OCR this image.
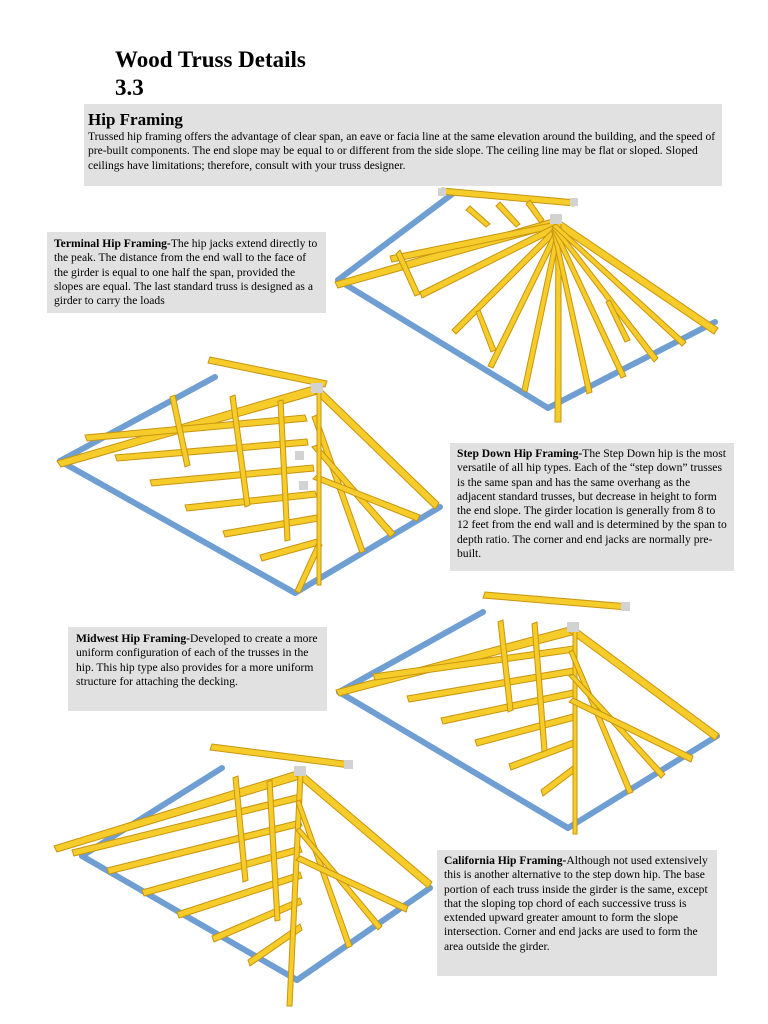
Wood Truss Details
3.3
Hip Framing

Trussed hip framing offers the advantage of clear span, an eave or facia line at the same elevation around the building, and the speed of pre-built components. The end slope may be equal to or different from the side slope. The ceiling line may be flat or sloped. Sloped ceilings have limitations; therefore, consult with your truss designer.

Terminal Hip Framing-The hip jacks extend directly to the peak. The distance from the end wall to the face of the girder is equal to one half the span, provided the slopes are equal. The last standard truss is designed as a girder to carry the loads

Step Down Hip Framing-The Step Down hip is the most versatile of all hip types. Each of the “step down” trusses is the same span and has the same overhang as the adjacent standard trusses, but decrease in height to form the end slope. The girder location is generally from 8 to 12 feet from the end wall and is determined by the span to depth ratio. The corner and end jacks are normally pre-built.

Midwest Hip Framing-Developed to create a more uniform configuration of each of the trusses in the hip. This hip type also provides for a more uniform structure for attaching the decking.

California Hip Framing-Although not used extensively this is another alternative to the step down hip. The base portion of each truss inside the girder is the same, except that the sloping top chord of each successive truss is extended upward greater amount to form the slope intersection. Corner and end jacks are used to form the area outside the girder.
